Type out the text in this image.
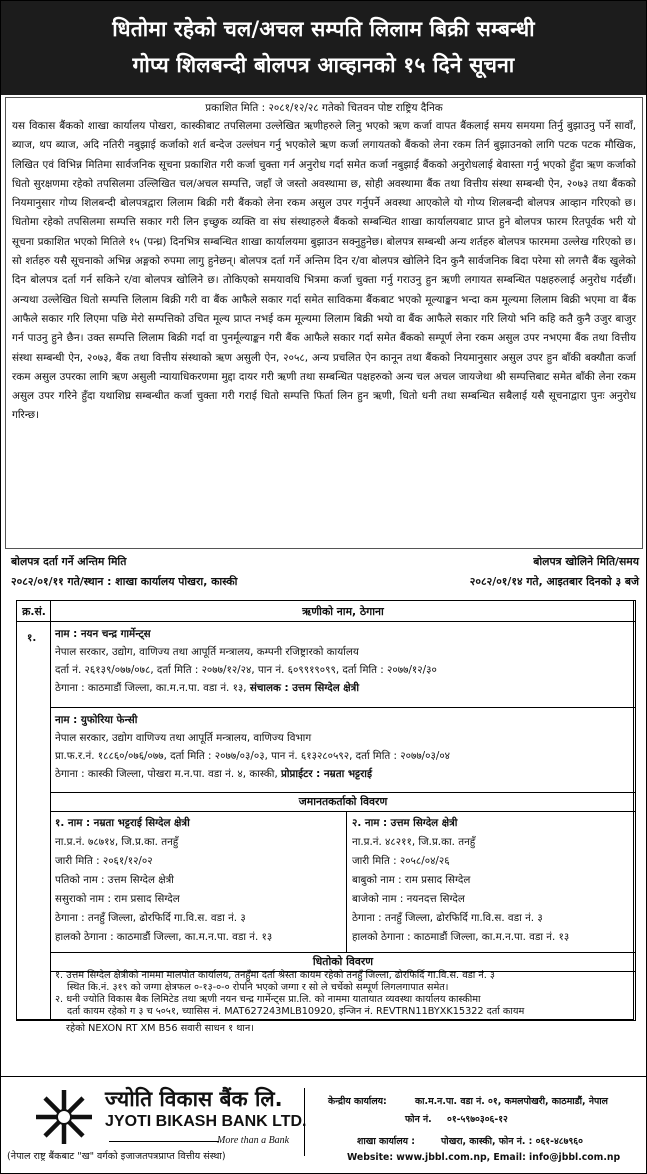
धितोमा रहेको चल/अचल सम्पति लिलाम बिक्री सम्बन्धी
गोप्य शिलबन्दी बोलपत्र आव्हानको १५ दिने सूचना
प्रकाशित मिति : २०८१/१२/२८ गतेको चितवन पोष्ट राष्ट्रिय दैनिक
यस विकास बैंकको शाखा कार्यालय पोखरा, कास्कीबाट तपसिलमा उल्लेखित ऋणीहरुले लिनु भएको ऋण कर्जा वापत बैंकलाई समय समयमा तिर्नु बुझाउनु पर्ने सावाँ, ब्याज, थप ब्याज, अदि नतिरी नबुझाई कर्जाको शर्त बन्देज उल्लंघन गर्नु भएकोले ऋण कर्जा लगायतको बैंकको लेना रकम तिर्न बुझाउनको लागि पटक पटक मौखिक, लिखित एवं विभिन्न मितिमा सार्वजनिक सूचना प्रकाशित गरी कर्जा चुक्ता गर्न अनुरोध गर्दा समेत कर्जा नबुझाई बैंकको अनुरोधलाई बेवास्ता गर्नु भएको हुँदा ऋण कर्जाको धितो सुरक्षणमा रहेको तपसिलमा उल्लिखित चल/अचल सम्पत्ति, जहाँ जे जस्तो अवस्थामा छ, सोही अवस्थामा बैंक तथा वित्तीय संस्था सम्बन्धी ऐन, २०७३ तथा बैंकको नियमानुसार गोप्य शिलबन्दी बोलपत्रद्वारा लिलाम बिक्री गरी बैंकको लेना रकम असुल उपर गर्नुपर्ने अवस्था आएकोले यो गोप्य शिलबन्दी बोलपत्र आव्हान गरिएको छ। धितोमा रहेको तपसिलमा सम्पत्ति सकार गरी लिन इच्छुक व्यक्ति वा संघ संस्थाहरुले बैंकको सम्बन्धित शाखा कार्यालयबाट प्राप्त हुने बोलपत्र फारम रितपूर्वक भरी यो सूचना प्रकाशित भएको मितिले १५ (पन्ध्र) दिनभित्र सम्बन्धित शाखा कार्यालयमा बुझाउन सक्नुहुनेछ। बोलपत्र सम्बन्धी अन्य शर्तहरु बोलपत्र फारममा उल्लेख गरिएको छ। सो शर्तहरु यसै सूचनाको अभिन्न अङ्गको रुपमा लागु हुनेछन्। बोलपत्र दर्ता गर्ने अन्तिम दिन र/वा बोलपत्र खोलिने दिन कुनै सार्वजनिक बिदा परेमा सो लगत्तै बैंक खुलेको दिन बोलपत्र दर्ता गर्न सकिने र/वा बोलपत्र खोलिने छ। तोकिएको समयावधि भित्रमा कर्जा चुक्ता गर्नु गराउनु हुन ऋणी लगायत सम्बन्धित पक्षहरुलाई अनुरोध गर्दछौं। अन्यथा उल्लेखित धितो सम्पत्ति लिलाम बिक्री गरी वा बैंक आफैले सकार गर्दा समेत साविकमा बैंकबाट भएको मूल्याङ्कन भन्दा कम मूल्यमा लिलाम बिक्री भएमा वा बैंक आफैले सकार गरि लिएमा पछि मेरो सम्पत्तिको उचित मूल्य प्राप्त नभई कम मूल्यमा लिलाम बिक्री भयो वा बैंक आफैले सकार गरि लियो भनि कहि कतै कुनै उजुर बाजुर गर्न पाउनु हुने छैन। उक्त सम्पत्ति लिलाम बिक्री गर्दा वा पुनर्मूल्याङ्कन गरी बैंक आफैले सकार गर्दा समेत बैंकको सम्पूर्ण लेना रकम असुल उपर नभएमा बैंक तथा वित्तीय संस्था सम्बन्धी ऐन, २०७३, बैंक तथा वित्तीय संस्थाको ऋण असुली ऐन, २०५८, अन्य प्रचलित ऐन कानून तथा बैंकको नियमानुसार असुल उपर हुन बाँकी बक्यौता कर्जा रकम असुल उपरका लागि ऋण असुली न्यायाधिकरणमा मुद्दा दायर गरी ऋणी तथा सम्बन्धित पक्षहरुको अन्य चल अचल जायजेथा श्री सम्पत्तिबाट समेत बाँकी लेना रकम असुल उपर गरिने हुँदा यथाशिघ्र सम्बन्धीत कर्जा चुक्ता गरी गराई धितो सम्पत्ति फिर्ता लिन हुन ऋणी, धितो धनी तथा सम्बन्धित सबैलाई यसै सूचनाद्वारा पुनः अनुरोध गरिन्छ।
बोलपत्र दर्ता गर्ने अन्तिम मिति	बोलपत्र खोलिने मिति/समय
२०८२/०१/११ गते/स्थान : शाखा कार्यालय पोखरा, कास्की	२०८२/०१/१४ गते, आइतबार दिनको ३ बजे
क्र.सं.	ऋणीको नाम, ठेगाना
१. नाम : नयन चन्द्र गार्मेन्ट्स
नेपाल सरकार, उद्योग, वाणिज्य तथा आपूर्ति मन्त्रालय, कम्पनी रजिष्ट्रारको कार्यालय
दर्ता नं. २६१३९/०७७/०७८, दर्ता मिति : २०७७/१२/२४, पान नं. ६०९९१९०९९, दर्ता मिति : २०७७/१२/३०
ठेगाना : काठमाडौं जिल्ला, का.म.न.पा. वडा नं. १३, संचालक : उत्तम सिग्देल क्षेत्री
नाम : युफोरिया फेन्सी
नेपाल सरकार, उद्योग वाणिज्य तथा आपूर्ति मन्त्रालय, वाणिज्य विभाग
प्रा.फ.र.नं. १८८६०/०७६/०७७, दर्ता मिति : २०७७/०३/०३, पान नं. ६१३२८०५९२, दर्ता मिति : २०७७/०३/०४
ठेगाना : कास्की जिल्ला, पोखरा म.न.पा. वडा नं. ४, कास्की, प्रोप्राईटर : नम्रता भट्टराई
जमानतकर्ताको विवरण
१. नाम : नम्रता भट्टराई सिग्देल क्षेत्री
ना.प्र.नं. ७८७१४, जि.प्र.का. तनहुँ
जारी मिति : २०६१/१२/०२
पतिको नाम : उत्तम सिग्देल क्षेत्री
ससुराको नाम : राम प्रसाद सिग्देल
ठेगाना : तनहुँ जिल्ला, ढोरफिर्दि गा.वि.स. वडा नं. ३
हालको ठेगाना : काठमाडौं जिल्ला, का.म.न.पा. वडा नं. १३
२. नाम : उत्तम सिग्देल क्षेत्री
ना.प्र.नं. ४८२११, जि.प्र.का. तनहुँ
जारी मिति : २०५८/०४/२६
बाबुको नाम : राम प्रसाद सिग्देल
बाजेको नाम : नयनदत्त सिग्देल
ठेगाना : तनहुँ जिल्ला, ढोरफिर्दि गा.वि.स. वडा नं. ३
हालको ठेगाना : काठमाडौं जिल्ला, का.म.न.पा. वडा नं. १३
धितोको विवरण
१. उत्तम सिग्देल क्षेत्रीको नाममा मालपोत कार्यालय, तनहुँमा दर्ता श्रेस्ता कायम रहेको तनहुँ जिल्ला, ढोरफिर्दि गा.वि.स. वडा नं. ३
स्थित कि.नं. ३१९ को जग्गा क्षेत्रफल ०-१३-०-० रोपनि भएको जग्गा र सो ले चर्चेको सम्पूर्ण लिगलगापात समेत।
२. धनी ज्योति विकास बैक लिमिटेड तथा ऋणी नयन चन्द्र गार्मेन्ट्स प्रा.लि. को नाममा यातायात व्यवस्था कार्यालय कास्कीमा
दर्ता कायम रहेको ग ३ च ५०५१, च्यासिस नं. MAT627243MLB10920, इन्जिन नं. REVTRN11BYXK15322 दर्ता कायम
रहेको NEXON RT XM B56 सवारी साधन १ थान।
ज्योति विकास बैंक लि.
JYOTI BIKASH BANK LTD.
More than a Bank
(नेपाल राष्ट्र बैंकबाट "ख" वर्गको इजाजतपत्रप्राप्त वित्तीय संस्था)
केन्द्रीय कार्यालय:	का.म.न.पा. वडा नं. ०१, कमलपोखरी, काठमाडौं, नेपाल
फोन नं. ०१-५९७०३०६-१२
शाखा कार्यालय :	पोखरा, कास्की, फोन नं. : ०६१-४८७९६०
Website: www.jbbl.com.np, Email: info@jbbl.com.np
